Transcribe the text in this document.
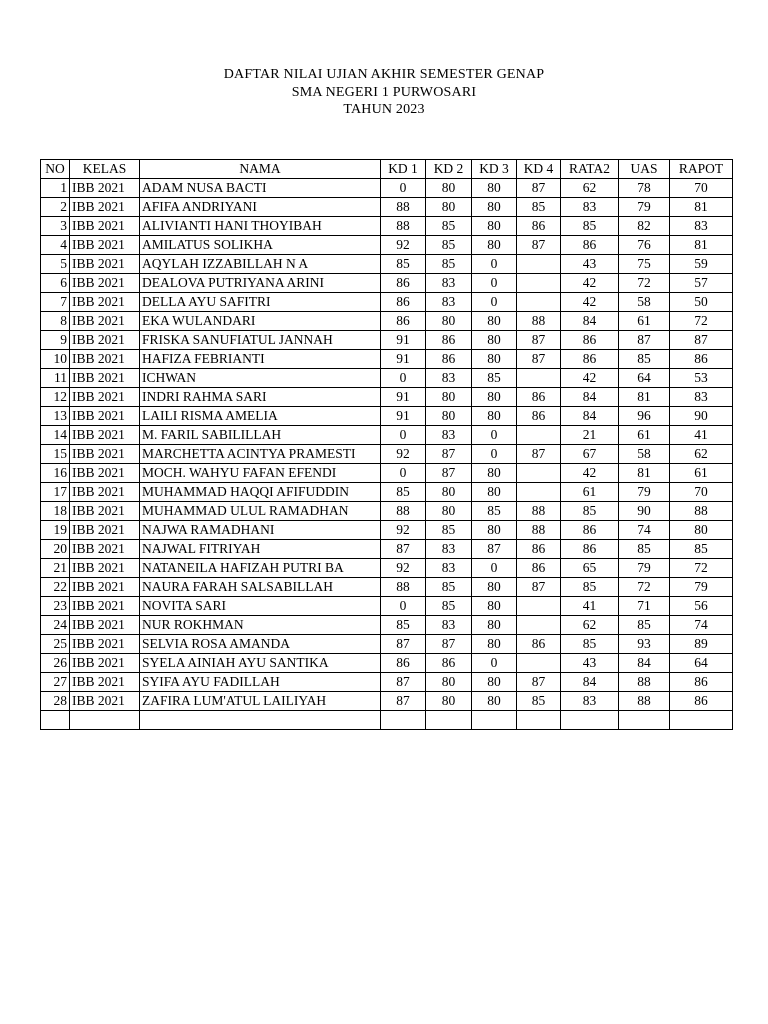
DAFTAR NILAI UJIAN AKHIR SEMESTER GENAP
SMA NEGERI 1 PURWOSARI
TAHUN 2023
NO	KELAS	NAMA	KD 1	KD 2	KD 3	KD 4	RATA2	UAS	RAPOT
1	IBB 2021	ADAM NUSA BACTI	0	80	80	87	62	78	70
2	IBB 2021	AFIFA ANDRIYANI	88	80	80	85	83	79	81
3	IBB 2021	ALIVIANTI HANI THOYIBAH	88	85	80	86	85	82	83
4	IBB 2021	AMILATUS SOLIKHA	92	85	80	87	86	76	81
5	IBB 2021	AQYLAH IZZABILLAH N A	85	85	0		43	75	59
6	IBB 2021	DEALOVA PUTRIYANA ARINI	86	83	0		42	72	57
7	IBB 2021	DELLA AYU SAFITRI	86	83	0		42	58	50
8	IBB 2021	EKA WULANDARI	86	80	80	88	84	61	72
9	IBB 2021	FRISKA SANUFIATUL JANNAH	91	86	80	87	86	87	87
10	IBB 2021	HAFIZA FEBRIANTI	91	86	80	87	86	85	86
11	IBB 2021	ICHWAN	0	83	85		42	64	53
12	IBB 2021	INDRI RAHMA SARI	91	80	80	86	84	81	83
13	IBB 2021	LAILI RISMA AMELIA	91	80	80	86	84	96	90
14	IBB 2021	M. FARIL SABILILLAH	0	83	0		21	61	41
15	IBB 2021	MARCHETTA ACINTYA PRAMESTI	92	87	0	87	67	58	62
16	IBB 2021	MOCH. WAHYU FAFAN EFENDI	0	87	80		42	81	61
17	IBB 2021	MUHAMMAD HAQQI AFIFUDDIN	85	80	80		61	79	70
18	IBB 2021	MUHAMMAD ULUL RAMADHAN	88	80	85	88	85	90	88
19	IBB 2021	NAJWA RAMADHANI	92	85	80	88	86	74	80
20	IBB 2021	NAJWAL FITRIYAH	87	83	87	86	86	85	85
21	IBB 2021	NATANEILA HAFIZAH PUTRI BA	92	83	0	86	65	79	72
22	IBB 2021	NAURA FARAH SALSABILLAH	88	85	80	87	85	72	79
23	IBB 2021	NOVITA SARI	0	85	80		41	71	56
24	IBB 2021	NUR ROKHMAN	85	83	80		62	85	74
25	IBB 2021	SELVIA ROSA AMANDA	87	87	80	86	85	93	89
26	IBB 2021	SYELA AINIAH AYU SANTIKA	86	86	0		43	84	64
27	IBB 2021	SYIFA AYU FADILLAH	87	80	80	87	84	88	86
28	IBB 2021	ZAFIRA LUM'ATUL LAILIYAH	87	80	80	85	83	88	86
